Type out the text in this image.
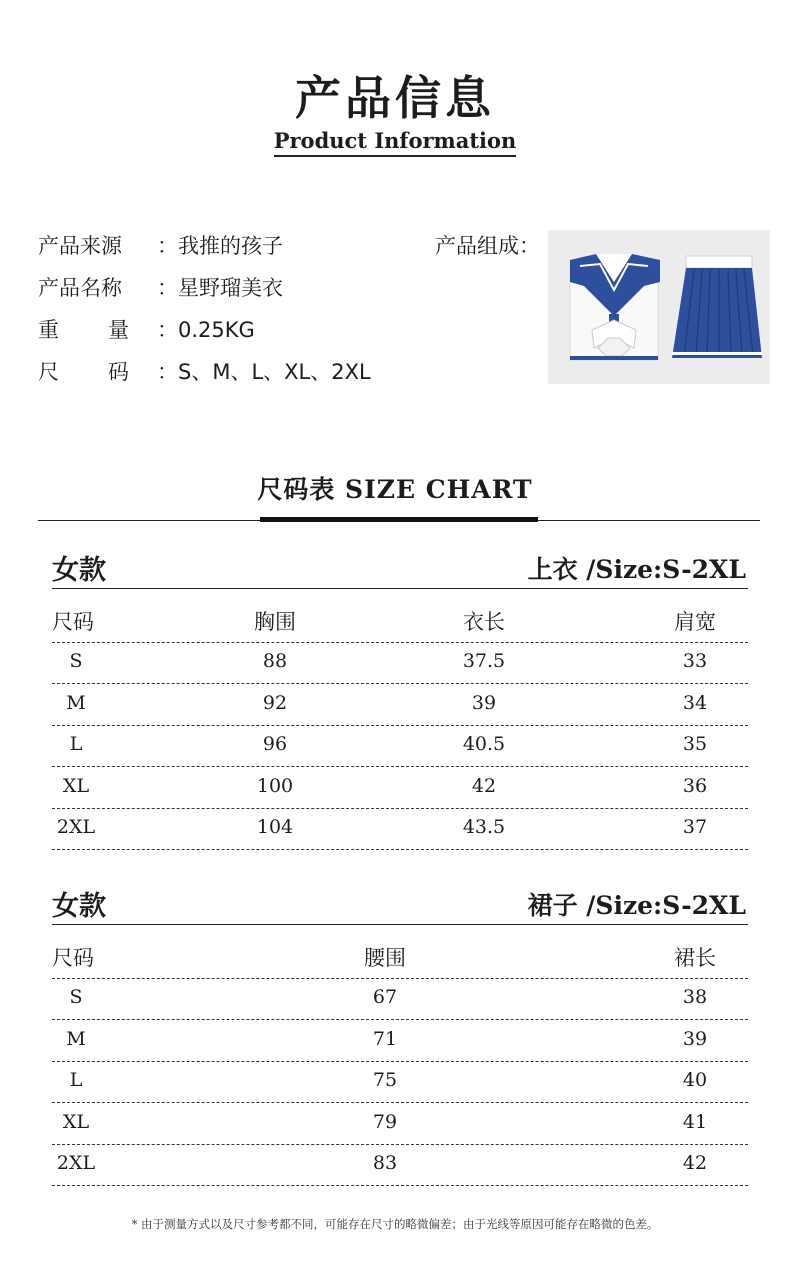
产品信息
Product Information
产品来源 ：我推的孩子
产品名称 ：星野瑠美衣
重 量 ：0.25KG
尺 码 ：S、M、L、XL、2XL
产品组成：
尺码表 SIZE CHART
女款	上衣 /Size:S-2XL
尺码	胸围	衣长	肩宽
S	88	37.5	33
M	92	39	34
L	96	40.5	35
XL	100	42	36
2XL	104	43.5	37
女款	裙子 /Size:S-2XL
尺码	腰围	裙长
S	67	38
M	71	39
L	75	40
XL	79	41
2XL	83	42
* 由于测量方式以及尺寸参考都不同，可能存在尺寸的略微偏差；由于光线等原因可能存在略微的色差。
